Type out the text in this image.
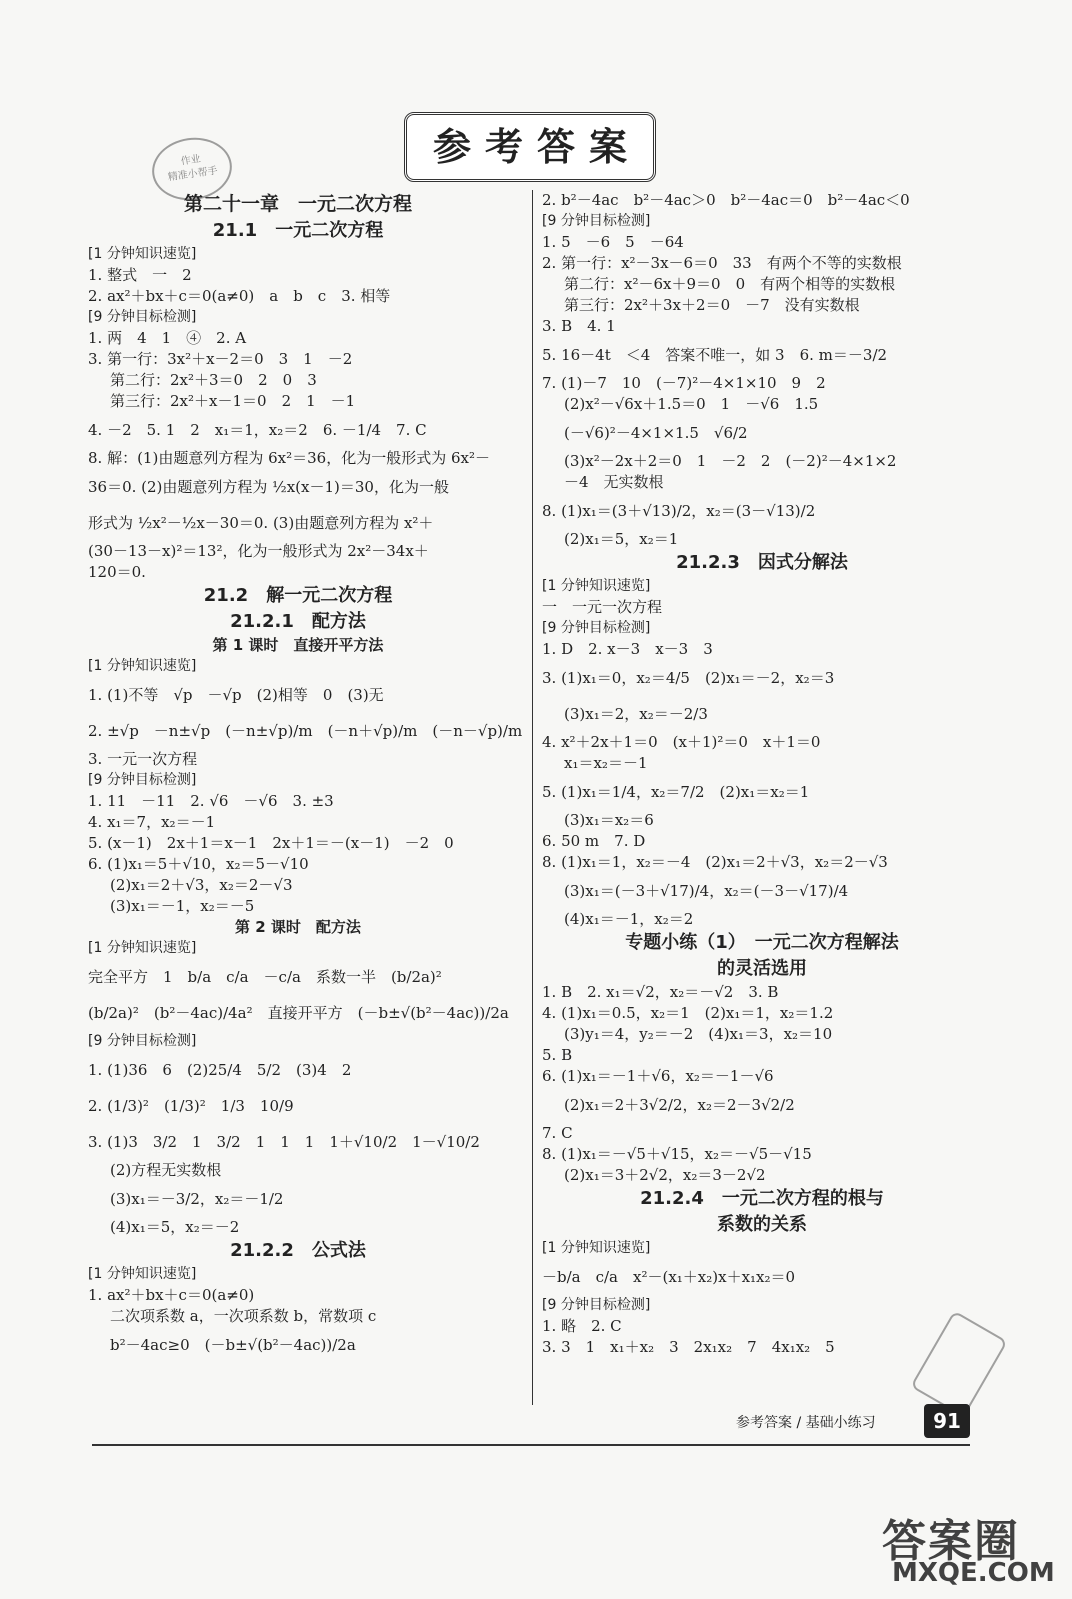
参考答案

作业
精准小帮手
第二十一章　一元二次方程
21.1　一元二次方程
[1 分钟知识速览]
1. 整式　一　2
2. ax²＋bx＋c＝0(a≠0)　a　b　c　3. 相等
[9 分钟目标检测]
1. 两　4　1　④　2. A
3. 第一行：3x²＋x－2＝0　3　1　－2
第二行：2x²＋3＝0　2　0　3
第三行：2x²＋x－1＝0　2　1　－1
4. －2　5. 1　2　x₁＝1，x₂＝2　6. －1/4　7. C
8. 解：(1)由题意列方程为 6x²＝36，化为一般形式为 6x²－
36＝0. (2)由题意列方程为 ½x(x－1)＝30，化为一般
形式为 ½x²－½x－30＝0. (3)由题意列方程为 x²＋
(30－13－x)²＝13²，化为一般形式为 2x²－34x＋
120＝0.
21.2　解一元二次方程
21.2.1　配方法
第 1 课时　直接开平方法
[1 分钟知识速览]
1. (1)不等　√p　－√p　(2)相等　0　(3)无
2. ±√p　－n±√p　(－n±√p)/m　(－n＋√p)/m　(－n－√p)/m
3. 一元一次方程
[9 分钟目标检测]
1. 11　－11　2. √6　－√6　3. ±3
4. x₁＝7，x₂＝－1
5. (x－1)　2x＋1＝x－1　2x＋1＝－(x－1)　－2　0
6. (1)x₁＝5＋√10，x₂＝5－√10
(2)x₁＝2＋√3，x₂＝2－√3
(3)x₁＝－1，x₂＝－5
第 2 课时　配方法
[1 分钟知识速览]
完全平方　1　b/a　c/a　－c/a　系数一半　(b/2a)²
(b/2a)²　(b²－4ac)/4a²　直接开平方　(－b±√(b²－4ac))/2a
[9 分钟目标检测]
1. (1)36　6　(2)25/4　5/2　(3)4　2
2. (1/3)²　(1/3)²　1/3　10/9
3. (1)3　3/2　1　3/2　1　1　1　1＋√10/2　1－√10/2
(2)方程无实数根
(3)x₁＝－3/2，x₂＝－1/2
(4)x₁＝5，x₂＝－2
21.2.2　公式法
[1 分钟知识速览]
1. ax²＋bx＋c＝0(a≠0)
二次项系数 a，一次项系数 b，常数项 c
b²－4ac≥0　(－b±√(b²－4ac))/2a
2. b²－4ac　b²－4ac＞0　b²－4ac＝0　b²－4ac＜0
[9 分钟目标检测]
1. 5　－6　5　－64
2. 第一行：x²－3x－6＝0　33　有两个不等的实数根
第二行：x²－6x＋9＝0　0　有两个相等的实数根
第三行：2x²＋3x＋2＝0　－7　没有实数根
3. B　4. 1
5. 16－4t　＜4　答案不唯一，如 3　6. m＝－3/2
7. (1)－7　10　(－7)²－4×1×10　9　2
(2)x²－√6x＋1.5＝0　1　－√6　1.5
(－√6)²－4×1×1.5　√6/2
(3)x²－2x＋2＝0　1　－2　2　(－2)²－4×1×2
－4　无实数根
8. (1)x₁＝(3＋√13)/2，x₂＝(3－√13)/2
(2)x₁＝5，x₂＝1
21.2.3　因式分解法
[1 分钟知识速览]
一　一元一次方程
[9 分钟目标检测]
1. D　2. x－3　x－3　3
3. (1)x₁＝0，x₂＝4/5　(2)x₁＝－2，x₂＝3
(3)x₁＝2，x₂＝－2/3
4. x²＋2x＋1＝0　(x＋1)²＝0　x＋1＝0
x₁＝x₂＝－1
5. (1)x₁＝1/4，x₂＝7/2　(2)x₁＝x₂＝1
(3)x₁＝x₂＝6
6. 50 m　7. D
8. (1)x₁＝1，x₂＝－4　(2)x₁＝2＋√3，x₂＝2－√3
(3)x₁＝(－3＋√17)/4，x₂＝(－3－√17)/4
(4)x₁＝－1，x₂＝2
专题小练（1）　一元二次方程解法
的灵活选用
1. B　2. x₁＝√2，x₂＝－√2　3. B
4. (1)x₁＝0.5，x₂＝1　(2)x₁＝1，x₂＝1.2
(3)y₁＝4，y₂＝－2　(4)x₁＝3，x₂＝10
5. B
6. (1)x₁＝－1＋√6，x₂＝－1－√6
(2)x₁＝2＋3√2/2，x₂＝2－3√2/2
7. C
8. (1)x₁＝－√5＋√15，x₂＝－√5－√15
(2)x₁＝3＋2√2，x₂＝3－2√2
21.2.4　一元二次方程的根与
系数的关系
[1 分钟知识速览]
－b/a　c/a　x²－(x₁＋x₂)x＋x₁x₂＝0
[9 分钟目标检测]
1. 略　2. C
3. 3　1　x₁＋x₂　3　2x₁x₂　7　4x₁x₂　5
参考答案 / 基础小练习	91
答案圈
MXQE.COM
